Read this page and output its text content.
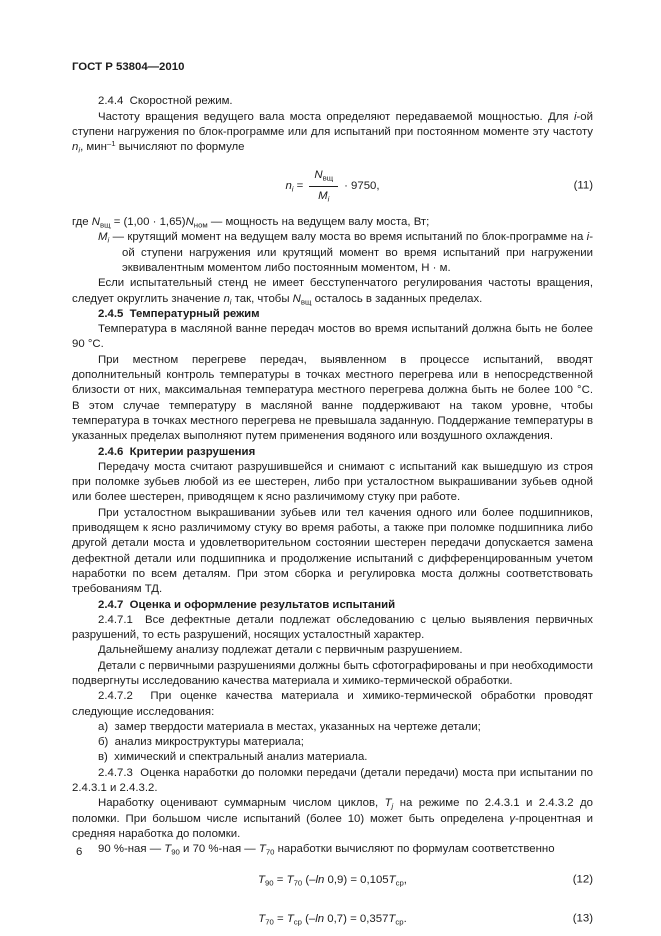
ГОСТ Р 53804—2010

2.4.4  Скоростной режим.

Частоту вращения ведущего вала моста определяют передаваемой мощностью. Для i-ой ступени нагружения по блок-программе или для испытаний при постоянном моменте эту частоту $n_i$, мин$^{-1}$ вычисляют по формуле

$n_i = \frac{N_{вщ}}{М_i} \cdot 9750$,	(11)

где $N_{вщ} = (1,00 \cdot 1,65)N_{ном}$ — мощность на ведущем валу моста, Вт;

$M_i$ — крутящий момент на ведущем валу моста во время испытаний по блок-программе на i-ой ступени нагружения или крутящий момент во время испытаний при нагружении эквивалентным моментом либо постоянным моментом, Н · м.

Если испытательный стенд не имеет бесступенчатого регулирования частоты вращения, следует округлить значение $n_i$ так, чтобы $N_{вщ}$ осталось в заданных пределах.

2.4.5  Температурный режим

Температура в масляной ванне передач мостов во время испытаний должна быть не более 90 °С.

При местном перегреве передач, выявленном в процессе испытаний, вводят дополнительный контроль температуры в точках местного перегрева или в непосредственной близости от них, максимальная температура местного перегрева должна быть не более 100 °С. В этом случае температуру в масляной ванне поддерживают на таком уровне, чтобы температура в точках местного перегрева не превышала заданную. Поддержание температуры в указанных пределах выполняют путем применения водяного или воздушного охлаждения.

2.4.6  Критерии разрушения

Передачу моста считают разрушившейся и снимают с испытаний как вышедшую из строя при поломке зубьев любой из ее шестерен, либо при усталостном выкрашивании зубьев одной или более шестерен, приводящем к ясно различимому стуку при работе.

При усталостном выкрашивании зубьев или тел качения одного или более подшипников, приводящем к ясно различимому стуку во время работы, а также при поломке подшипника либо другой детали моста и удовлетворительном состоянии шестерен передачи допускается замена дефектной детали или подшипника и продолжение испытаний с дифференцированным учетом наработки по всем деталям. При этом сборка и регулировка моста должны соответствовать требованиям ТД.

2.4.7  Оценка и оформление результатов испытаний

2.4.7.1  Все дефектные детали подлежат обследованию с целью выявления первичных разрушений, то есть разрушений, носящих усталостный характер.

Дальнейшему анализу подлежат детали с первичным разрушением.

Детали с первичными разрушениями должны быть сфотографированы и при необходимости подвергнуты исследованию качества материала и химико-термической обработки.

2.4.7.2  При оценке качества материала и химико-термической обработки проводят следующие исследования:

а)  замер твердости материала в местах, указанных на чертеже детали;

б)  анализ микроструктуры материала;

в)  химический и спектральный анализ материала.

2.4.7.3  Оценка наработки до поломки передачи (детали передачи) моста при испытании по 2.4.3.1 и 2.4.3.2.

Наработку оценивают суммарным числом циклов, $T_j$ на режиме по 2.4.3.1 и 2.4.3.2 до поломки. При большом числе испытаний (более 10) может быть определена γ-процентная и средняя наработка до поломки.

90 %-ная — $T_{90}$ и 70 %-ная — $T_{70}$ наработки вычисляют по формулам соответственно

$T_{90} = T_{70}$ (–ln $0,9) = 0,105T_{ср}$,	(12)
$T_{70} = T_{ср}$ (–ln $0,7) = 0,357T_{ср}$.	(13)
6
